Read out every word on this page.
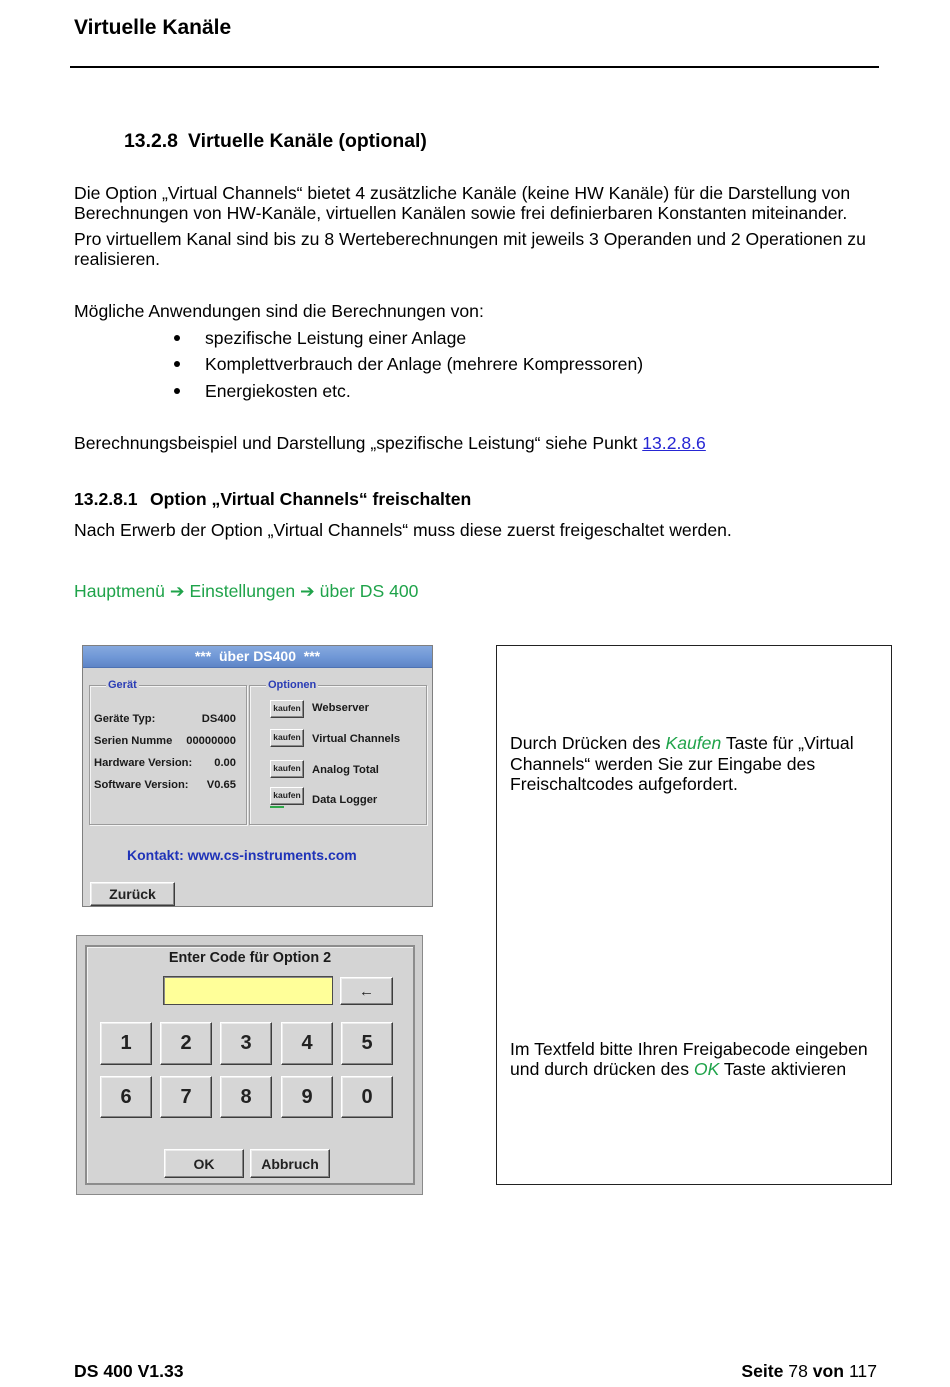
Virtuelle Kanäle
13.2.8 Virtuelle Kanäle (optional)
Die Option „Virtual Channels“ bietet 4 zusätzliche Kanäle (keine HW Kanäle) für die Darstellung von
Berechnungen von HW-Kanäle, virtuellen Kanälen sowie frei definierbaren Konstanten miteinander.
Pro virtuellem Kanal sind bis zu 8 Werteberechnungen mit jeweils 3 Operanden und 2 Operationen zu
realisieren.
Mögliche Anwendungen sind die Berechnungen von:
spezifische Leistung einer Anlage
Komplettverbrauch der Anlage (mehrere Kompressoren)
Energiekosten etc.
Berechnungsbeispiel und Darstellung „spezifische Leistung“ siehe Punkt 13.2.8.6
13.2.8.1 Option „Virtual Channels“ freischalten
Nach Erwerb der Option „Virtual Channels“ muss diese zuerst freigeschaltet werden.
Hauptmenü ➔ Einstellungen ➔ über DS 400
***  über DS400  ***
Gerät
Geräte Typ:	DS400
Serien Numme 00000000
Hardware Version: 0.00
Software Version: V0.65
Optionen
kaufen Webserver
kaufen Virtual Channels
kaufen Analog Total
kaufen Data Logger
Kontakt: www.cs-instruments.com
Zurück
Enter Code für Option 2
←
1	2	3	4	5
6	7	8	9	0
OK	Abbruch
Durch Drücken des Kaufen Taste für „Virtual
Channels“ werden Sie zur Eingabe des
Freischaltcodes aufgefordert.
Im Textfeld bitte Ihren Freigabecode eingeben
und durch drücken des OK Taste aktivieren
DS 400 V1.33	Seite 78 von 117
